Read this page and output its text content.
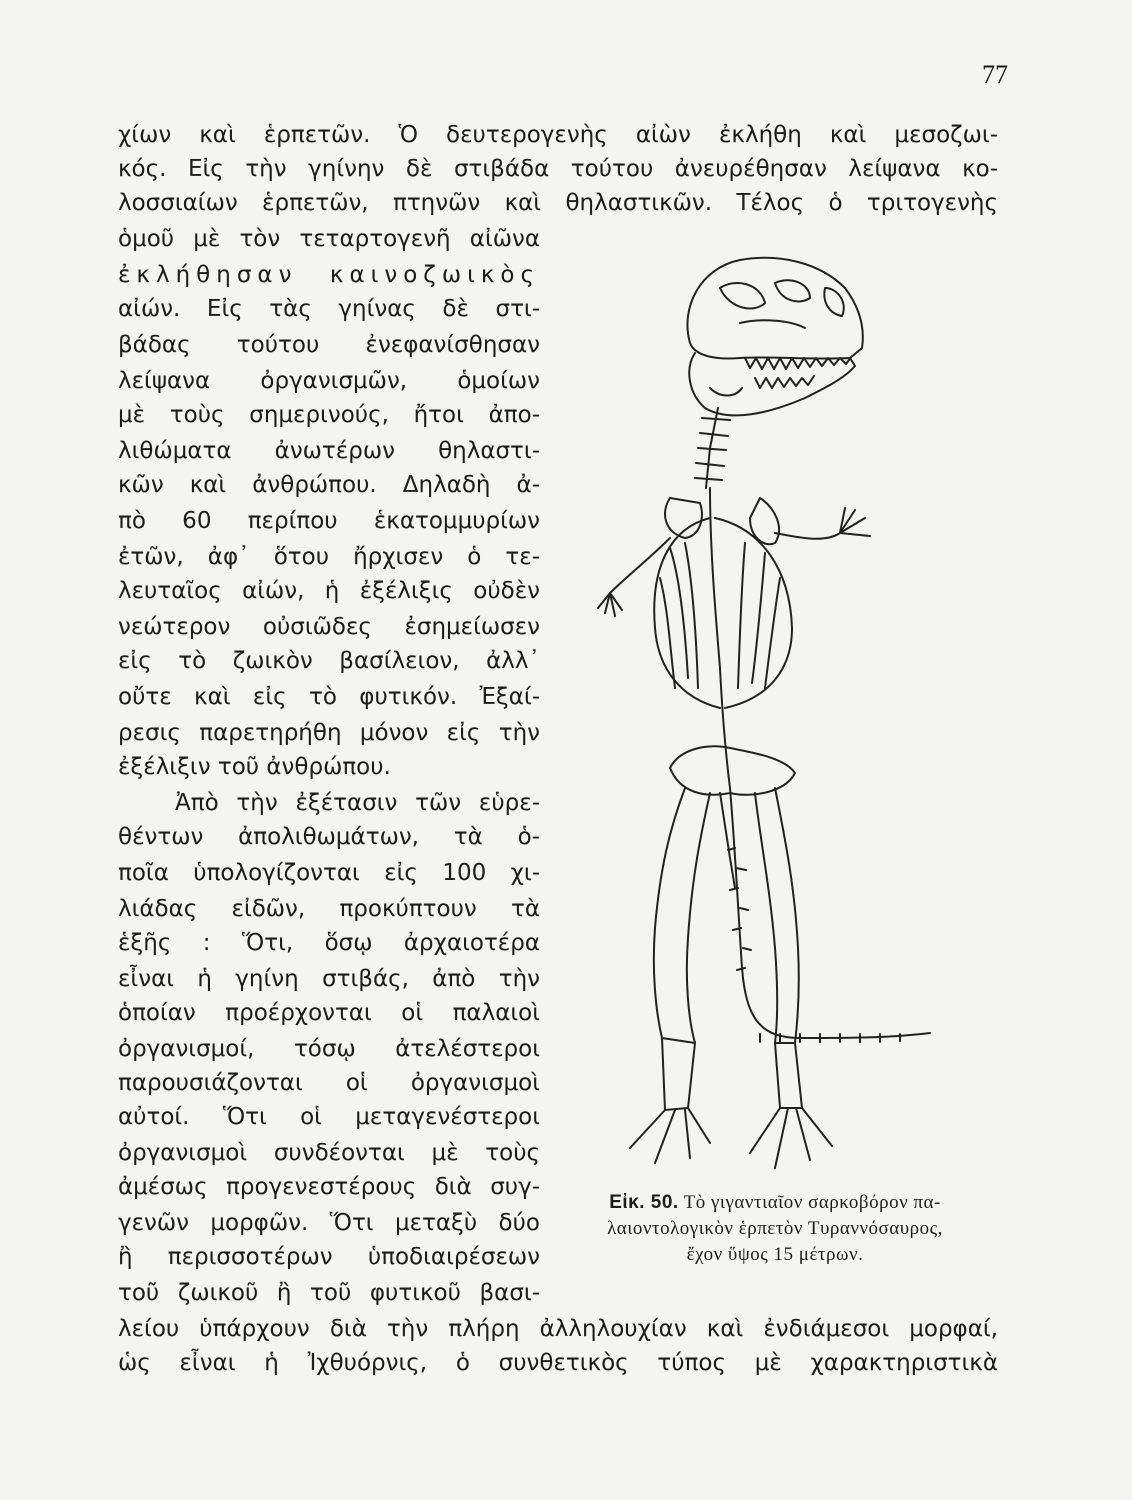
77
χίων καὶ ἑρπετῶν. Ὁ δευτερογενὴς αἰὼν ἐκλήθη καὶ μεσοζωι-
κός. Εἰς τὴν γηίνην δὲ στιβάδα τούτου ἀνευρέθησαν λείψανα κο-
λοσσιαίων ἑρπετῶν, πτηνῶν καὶ θηλαστικῶν. Τέλος ὁ τριτογενὴς
ὁμοῦ μὲ τὸν τεταρτογενῆ αἰῶνα
ἐκλήθησαν καινοζωικὸς
αἰών. Εἰς τὰς γηίνας δὲ στι-
βάδας τούτου ἐνεφανίσθησαν
λείψανα ὀργανισμῶν, ὁμοίων
μὲ τοὺς σημερινούς, ἤτοι ἀπο-
λιθώματα ἀνωτέρων θηλαστι-
κῶν καὶ ἀνθρώπου. Δηλαδὴ ἀ-
πὸ 60 περίπου ἑκατομμυρίων
ἐτῶν, ἀφ᾽ ὅτου ἤρχισεν ὁ τε-
λευταῖος αἰών, ἡ ἐξέλιξις οὐδὲν
νεώτερον οὐσιῶδες ἐσημείωσεν
εἰς τὸ ζωικὸν βασίλειον, ἀλλ᾽
οὔτε καὶ εἰς τὸ φυτικόν. Ἐξαί-
ρεσις παρετηρήθη μόνον εἰς τὴν
ἐξέλιξιν τοῦ ἀνθρώπου.
Ἀπὸ τὴν ἐξέτασιν τῶν εὑρε-
θέντων ἀπολιθωμάτων, τὰ ὁ-
ποῖα ὑπολογίζονται εἰς 100 χι-
λιάδας εἰδῶν, προκύπτουν τὰ
ἑξῆς : Ὅτι, ὅσῳ ἀρχαιοτέρα
εἶναι ἡ γηίνη στιβάς, ἀπὸ τὴν
ὁποίαν προέρχονται οἱ παλαιοὶ
ὀργανισμοί, τόσῳ ἀτελέστεροι
παρουσιάζονται οἱ ὀργανισμοὶ
αὐτοί. Ὅτι οἱ μεταγενέστεροι
ὀργανισμοὶ συνδέονται μὲ τοὺς
ἀμέσως προγενεστέρους διὰ συγ-
γενῶν μορφῶν. Ὅτι μεταξὺ δύο
ἢ περισσοτέρων ὑποδιαιρέσεων
τοῦ ζωικοῦ ἢ τοῦ φυτικοῦ βασι-
λείου ὑπάρχουν διὰ τὴν πλήρη ἀλληλουχίαν καὶ ἐνδιάμεσοι μορφαί,
ὡς εἶναι ἡ Ἰχθυόρνις, ὁ συνθετικὸς τύπος μὲ χαρακτηριστικὰ
Εἰκ. 50. Τὸ γιγαντιαῖον σαρκοβόρον πα-
λαιοντολογικὸν ἑρπετὸν Τυραννόσαυρος,
ἔχον ὕψος 15 μέτρων.
